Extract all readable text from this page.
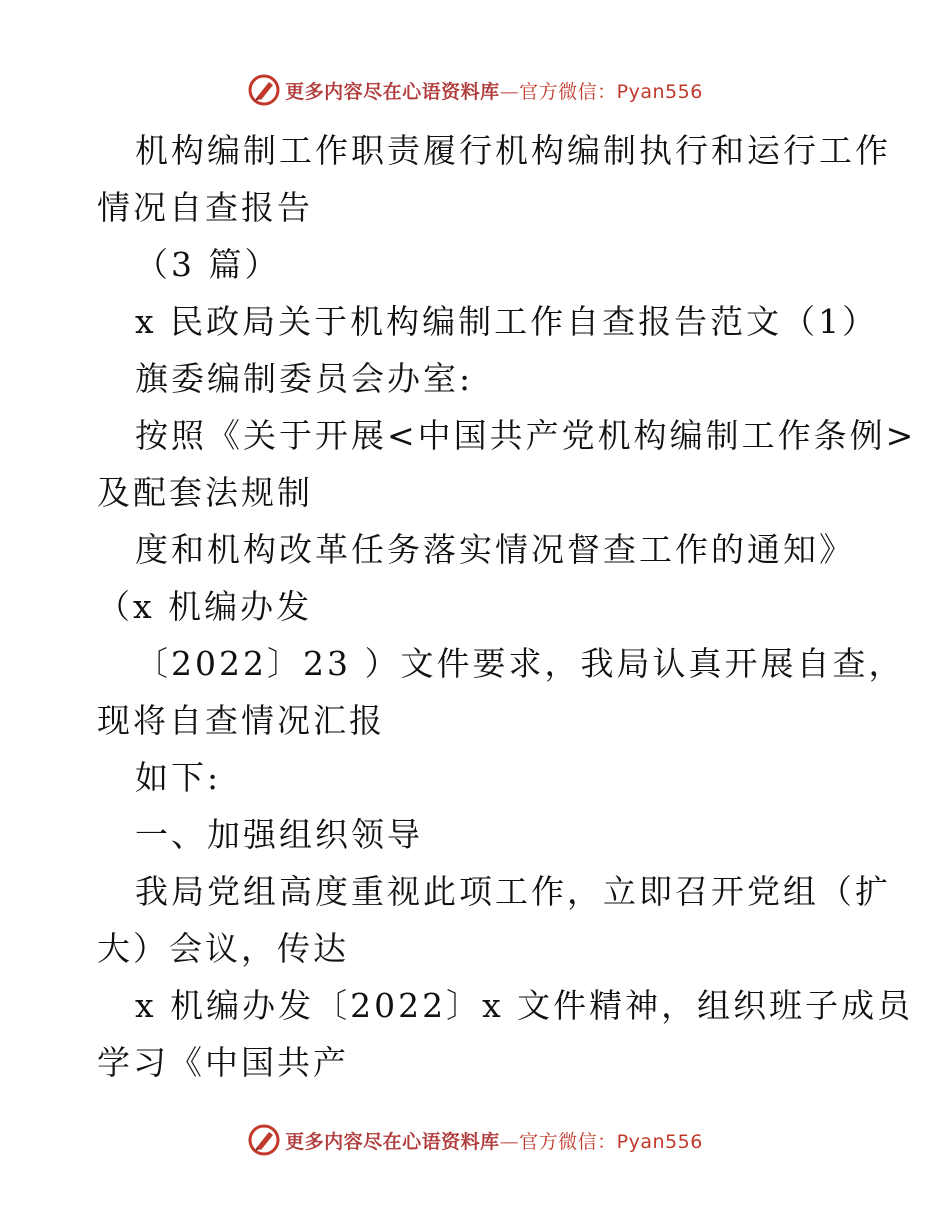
更多内容尽在心语资料库—官方微信：Pyan556
机构编制工作职责履行机构编制执行和运行工作
情况自查报告
（3 篇）
x 民政局关于机构编制工作自查报告范文（1）
旗委编制委员会办室:
按照《关于开展<中国共产党机构编制工作条例>
及配套法规制
度和机构改革任务落实情况督查工作的通知》
（x 机编办发
〔2022〕23 ）文件要求，我局认真开展自查，
现将自查情况汇报
如下:
一、加强组织领导
我局党组高度重视此项工作，立即召开党组（扩
大）会议，传达
x 机编办发〔2022〕x 文件精神，组织班子成员
学习《中国共产
更多内容尽在心语资料库—官方微信：Pyan556
